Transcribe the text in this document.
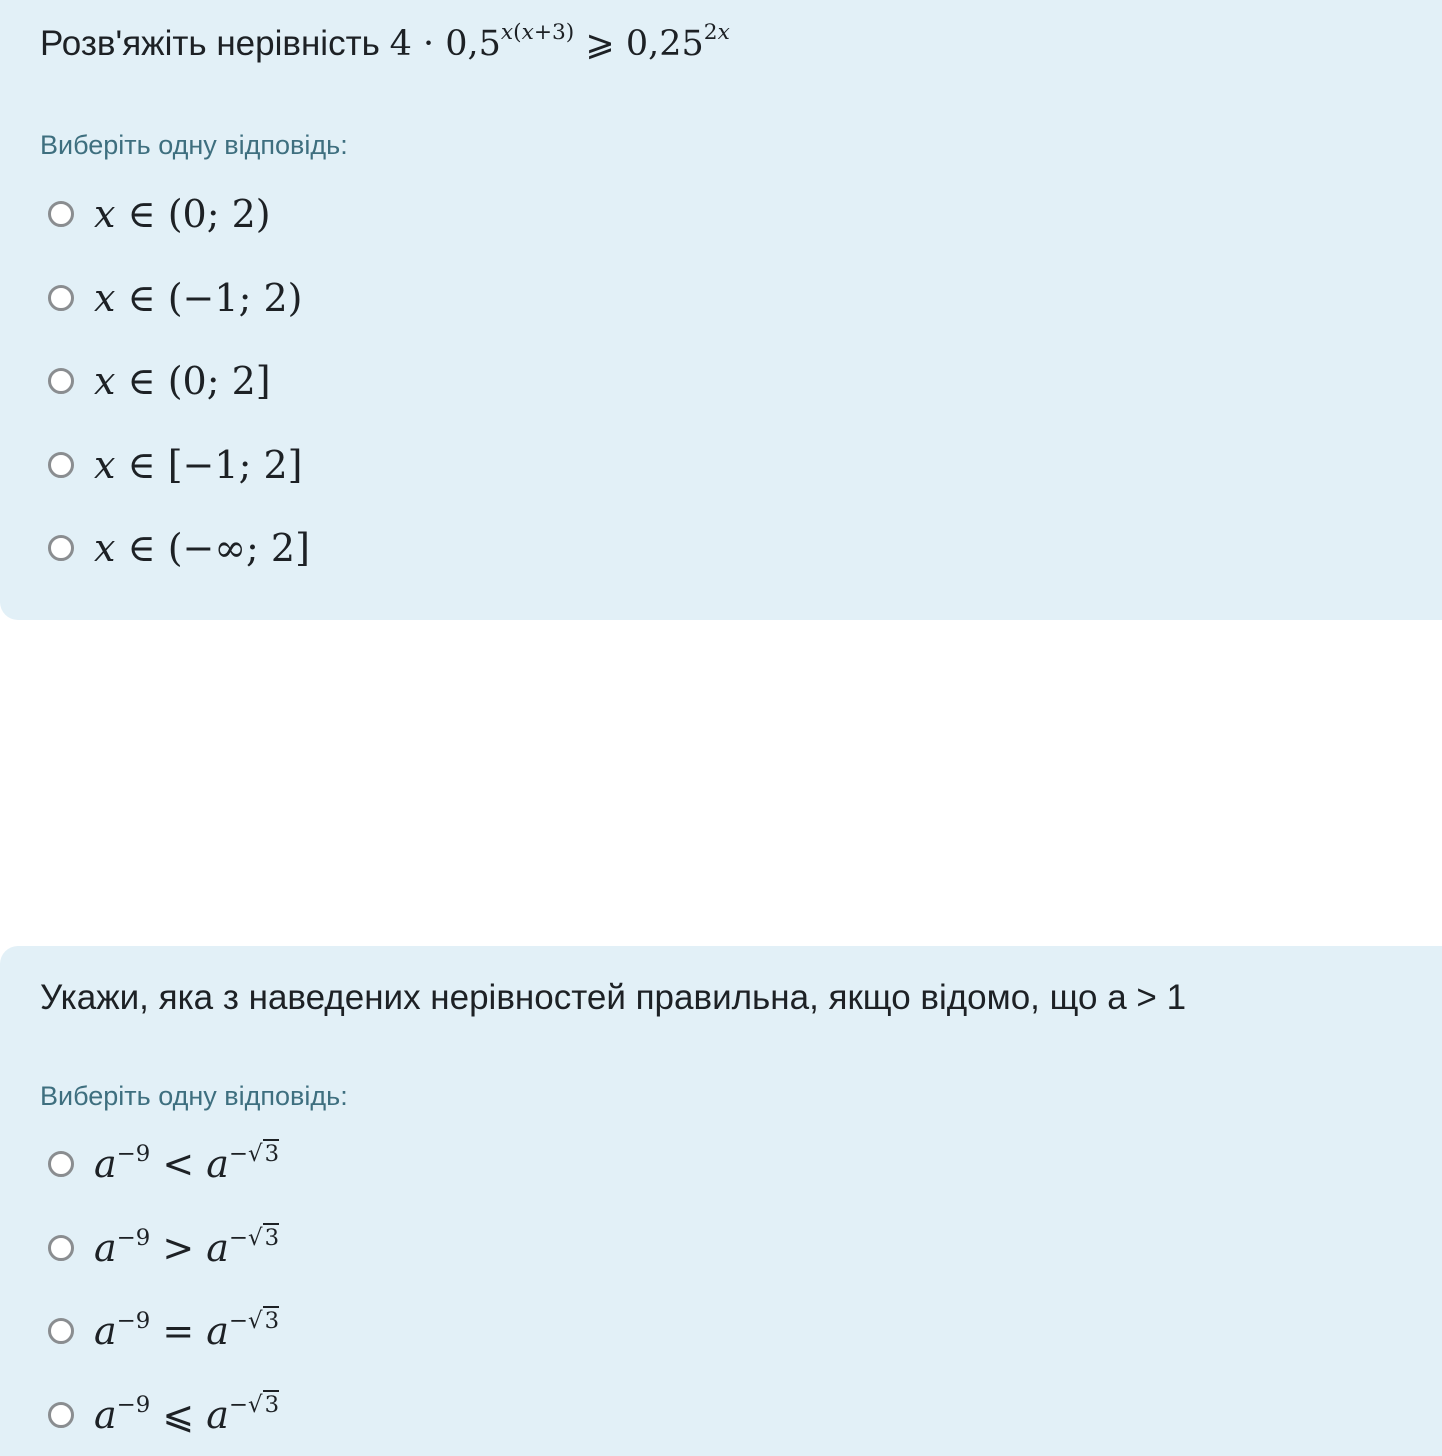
Розв'яжіть нерівність $4 \cdot 0,5^{x(x+3)}$ ⩾ $0,25^{2x}$
Виберіть одну відповідь:
x ∈ (0; 2)
x ∈ (−1; 2)
x ∈ (0; 2]
x ∈ [−1; 2]
x ∈ (−∞; 2]
Укажи, яка з наведених нерівностей правильна, якщо відомо, що а > 1
Виберіть одну відповідь:
$a^{-9} < a^{-√3}$
$a^{-9} > a^{-√3}$
$a^{-9} = a^{-√3}$
$a^{-9}$ ⩽ $a^{-√3}$
